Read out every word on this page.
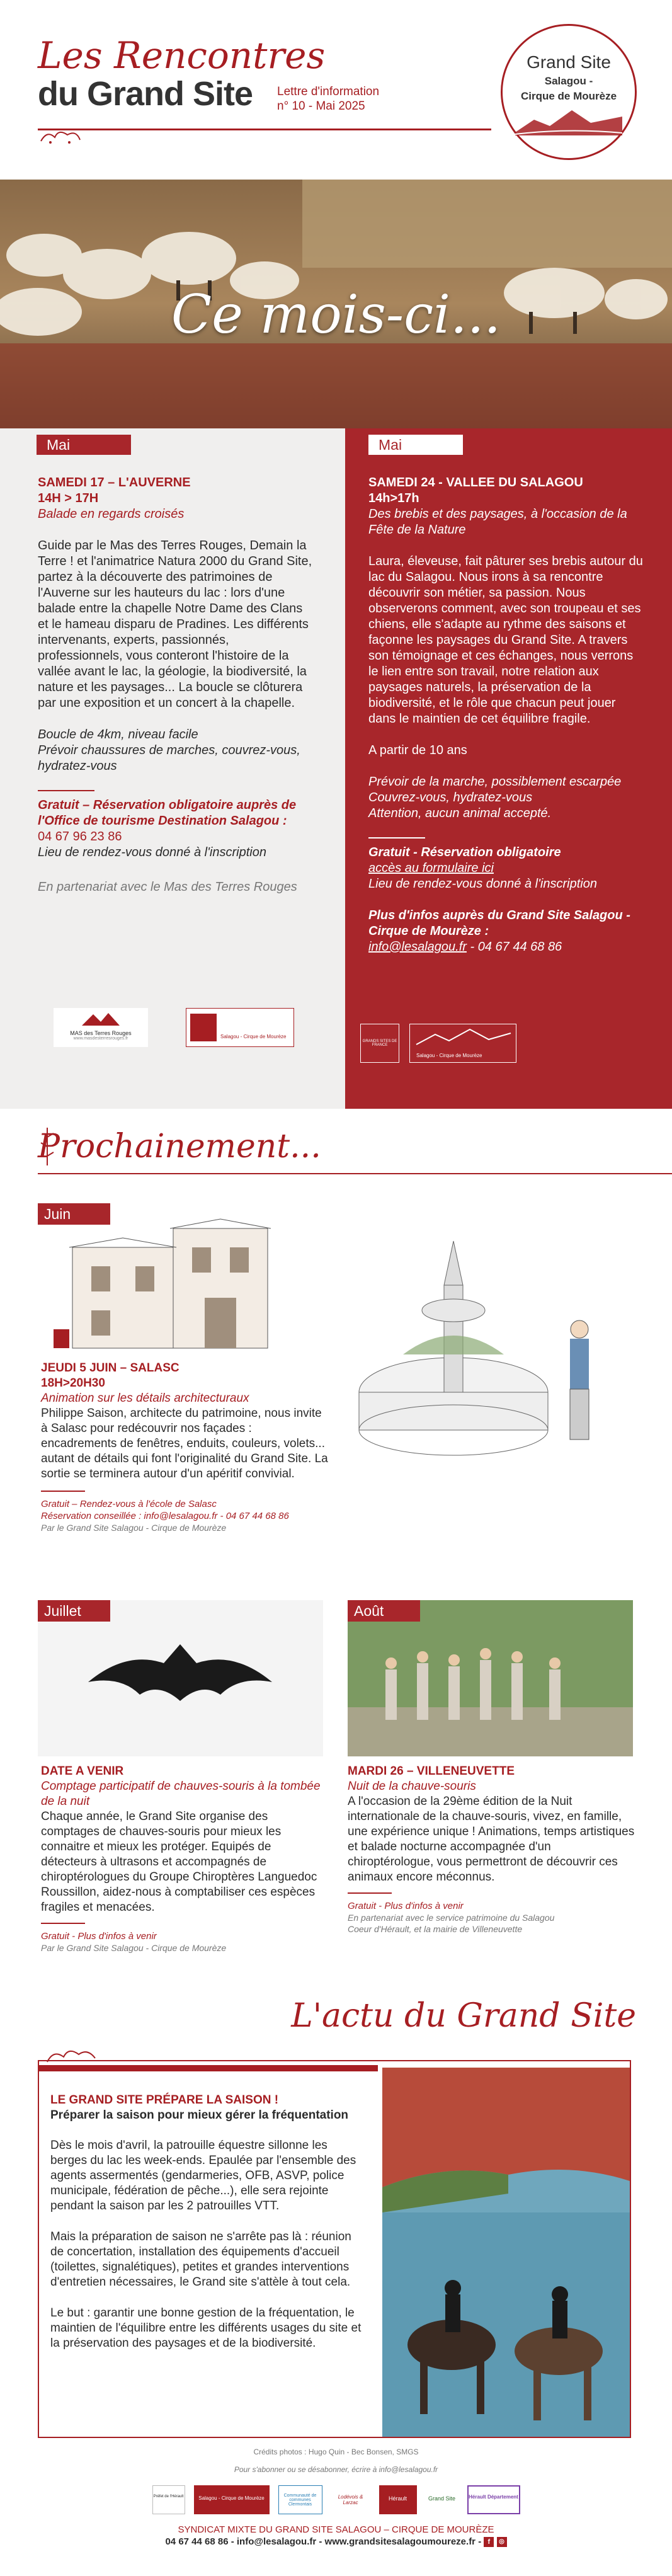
Les Rencontres
du Grand Site Lettre d'information
n° 10 - Mai 2025
Grand Site
Salagou -
Cirque de Mourèze
Ce mois-ci...
Mai
SAMEDI 17 – L'AUVERNE
14H > 17H
Balade en regards croisés

Guide par le Mas des Terres Rouges, Demain la Terre ! et l'animatrice Natura 2000 du Grand Site, partez à la découverte des patrimoines de l'Auverne sur les hauteurs du lac : lors d'une balade entre la chapelle Notre Dame des Clans et le hameau disparu de Pradines. Les différents intervenants, experts, passionnés, professionnels, vous conteront l'histoire de la vallée avant le lac, la géologie, la biodiversité, la nature et les paysages... La boucle se clôturera par une exposition et un concert à la chapelle.

Boucle de 4km, niveau facile
Prévoir chaussures de marches, couvrez-vous, hydratez-vous
Gratuit – Réservation obligatoire auprès de l'Office de tourisme Destination Salagou :
04 67 96 23 86
Lieu de rendez-vous donné à l'inscription
En partenariat avec le Mas des Terres Rouges
MAS des Terres Rouges
www.masdesterresrouges.fr	Salagou - Cirque de Mourèze
Mai
SAMEDI 24 - VALLEE DU SALAGOU
14h>17h
Des brebis et des paysages, à l'occasion de la Fête de la Nature

Laura, éleveuse, fait pâturer ses brebis autour du lac du Salagou. Nous irons à sa rencontre découvrir son métier, sa passion. Nous observerons comment, avec son troupeau et ses chiens, elle s'adapte au rythme des saisons et façonne les paysages du Grand Site. A travers son témoignage et ces échanges, nous verrons le lien entre son travail, notre relation aux paysages naturels, la préservation de la biodiversité, et le rôle que chacun peut jouer dans le maintien de cet équilibre fragile.

A partir de 10 ans

Prévoir de la marche, possiblement escarpée
Couvrez-vous, hydratez-vous
Attention, aucun animal accepté.
Gratuit - Réservation obligatoire
accès au formulaire ici
Lieu de rendez-vous donné à l'inscription
Plus d'infos auprès du Grand Site Salagou - Cirque de Mourèze :
info@lesalagou.fr - 04 67 44 68 86
GRANDS SITES DE FRANCE
Salagou - Cirque de Mourèze
Prochainement...
Juin
JEUDI 5 JUIN – SALASC
18H>20H30
Animation sur les détails architecturaux
Philippe Saison, architecte du patrimoine, nous invite à Salasc pour redécouvrir nos façades : encadrements de fenêtres, enduits, couleurs, volets... autant de détails qui font l'originalité du Grand Site. La sortie se terminera autour d'un apéritif convivial.
Gratuit – Rendez-vous à l'école de Salasc
Réservation conseillée : info@lesalagou.fr - 04 67 44 68 86
Par le Grand Site Salagou - Cirque de Mourèze
Juillet
DATE A VENIR
Comptage participatif de chauves-souris à la tombée de la nuit
Chaque année, le Grand Site organise des comptages de chauves-souris pour mieux les connaitre et mieux les protéger. Equipés de détecteurs à ultrasons et accompagnés de chiroptérologues du Groupe Chiroptères Languedoc Roussillon, aidez-nous à comptabiliser ces espèces fragiles et menacées.
Gratuit - Plus d'infos à venir
Par le Grand Site Salagou - Cirque de Mourèze
Août
MARDI 26 – VILLENEUVETTE
Nuit de la chauve-souris
A l'occasion de la 29ème édition de la Nuit internationale de la chauve-souris, vivez, en famille, une expérience unique ! Animations, temps artistiques et balade nocturne accompagnée d'un chiroptérologue, vous permettront de découvrir ces animaux encore méconnus.
Gratuit - Plus d'infos à venir
En partenariat avec le service patrimoine du Salagou
Coeur d'Hérault, et la mairie de Villeneuvette
L'actu du Grand Site
LE GRAND SITE PRÉPARE LA SAISON !
Préparer la saison pour mieux gérer la fréquentation

Dès le mois d'avril, la patrouille équestre sillonne les berges du lac les week-ends. Epaulée par l'ensemble des agents assermentés (gendarmeries, OFB, ASVP, police municipale, fédération de pêche...), elle sera rejointe pendant la saison par les 2 patrouilles VTT.

Mais la préparation de saison ne s'arrête pas là : réunion de concertation, installation des équipements d'accueil (toilettes, signalétiques), petites et grandes interventions d'entretien nécessaires, le Grand site s'attèle à tout cela.

Le but : garantir une bonne gestion de la fréquentation, le maintien de l'équilibre entre les différents usages du site et la préservation des paysages et de la biodiversité.

Crédits photos : Hugo Quin - Bec Bonsen, SMGS
Pour s'abonner ou se désabonner, écrire à info@lesalagou.fr
Préfet de l'Hérault	Salagou - Cirque de Mourèze	Communauté de communes Clermontais
Lodévois & Larzac
Hérault	Grand Site	Hérault Département
SYNDICAT MIXTE DU GRAND SITE SALAGOU – CIRQUE DE MOURÈZE
04 67 44 68 86 - info@lesalagou.fr - www.grandsitesalagoumoureze.fr - f ◎
